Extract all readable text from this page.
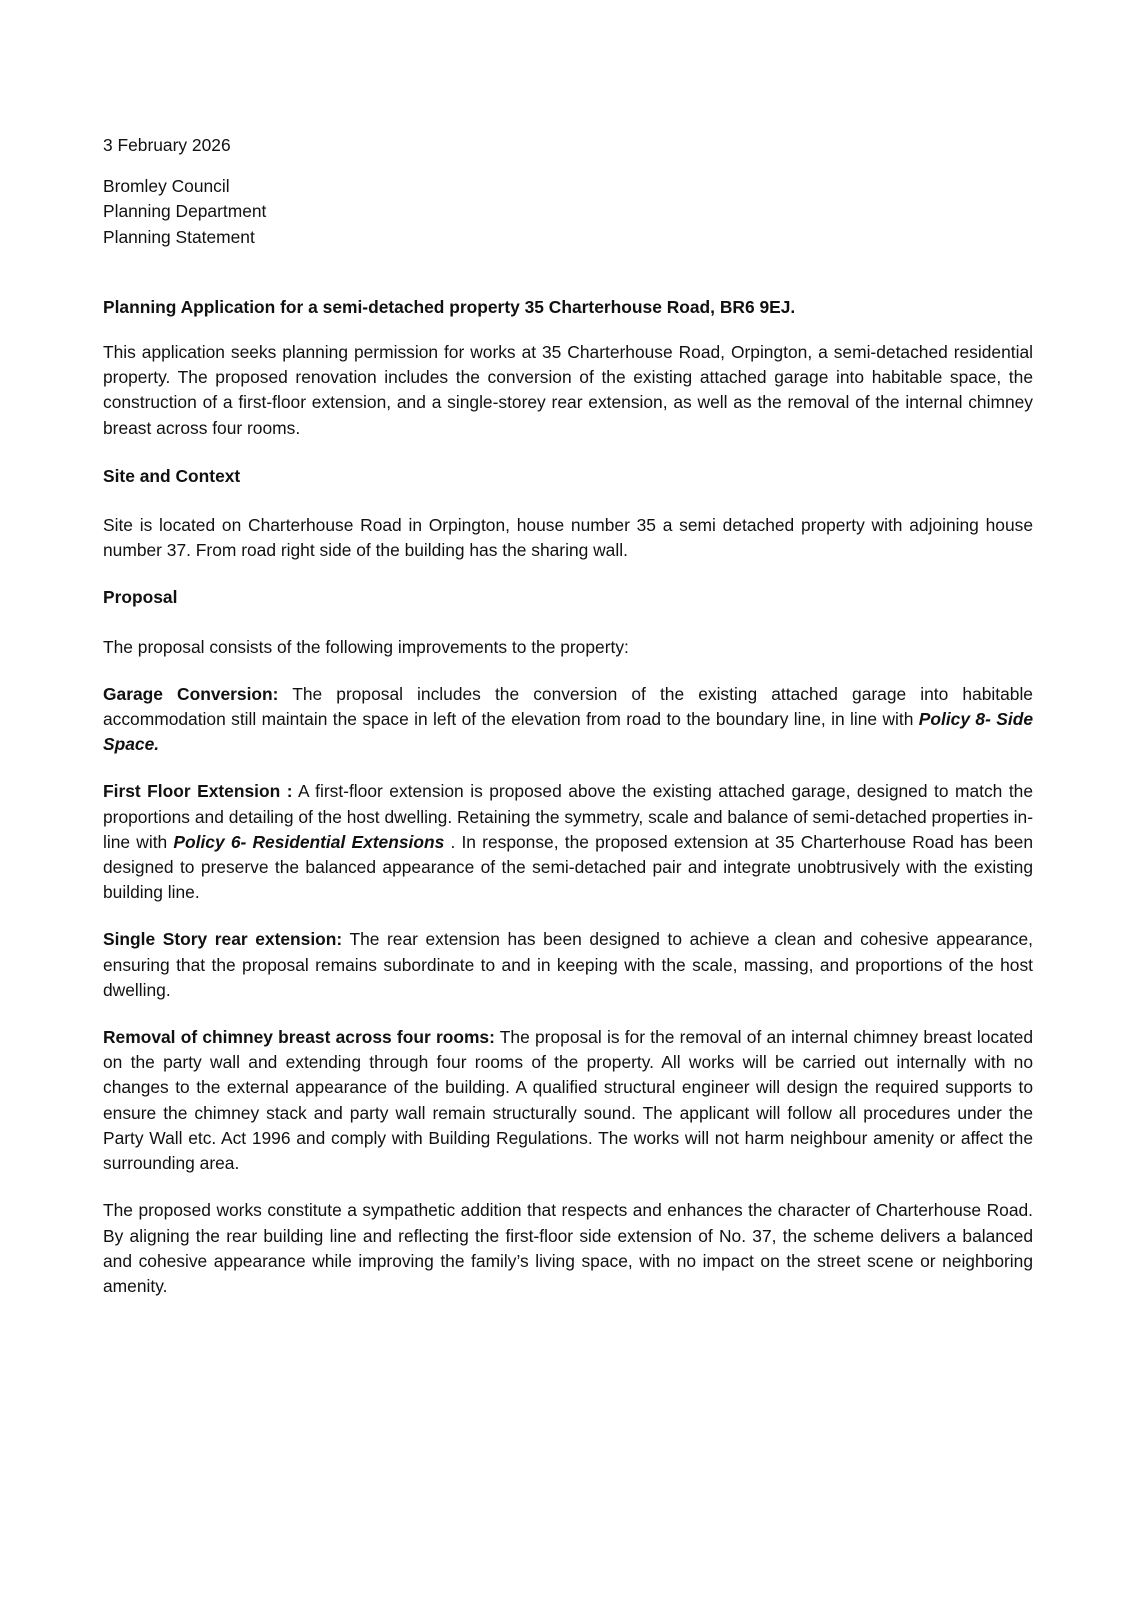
3 February 2026

Bromley Council

Planning Department

Planning Statement

Planning Application for a semi-detached property 35 Charterhouse Road, BR6 9EJ.

This application seeks planning permission for works at 35 Charterhouse Road, Orpington, a semi-detached residential property. The proposed renovation includes the conversion of the existing attached garage into habitable space, the construction of a first-floor extension, and a single-storey rear extension, as well as the removal of the internal chimney breast across four rooms.

Site and Context

Site is located on Charterhouse Road in Orpington, house number 35 a semi detached property with adjoining house number 37. From road right side of the building has the sharing wall.

Proposal

The proposal consists of the following improvements to the property:

Garage Conversion: The proposal includes the conversion of the existing attached garage into habitable accommodation still maintain the space in left of the elevation from road to the boundary line, in line with Policy 8- Side Space.

First Floor Extension : A first-floor extension is proposed above the existing attached garage, designed to match the proportions and detailing of the host dwelling. Retaining the symmetry, scale and balance of semi-detached properties in- line with Policy 6- Residential Extensions . In response, the proposed extension at 35 Charterhouse Road has been designed to preserve the balanced appearance of the semi-detached pair and integrate unobtrusively with the existing building line.

Single Story rear extension: The rear extension has been designed to achieve a clean and cohesive appearance, ensuring that the proposal remains subordinate to and in keeping with the scale, massing, and proportions of the host dwelling.

Removal of chimney breast across four rooms: The proposal is for the removal of an internal chimney breast located on the party wall and extending through four rooms of the property. All works will be carried out internally with no changes to the external appearance of the building. A qualified structural engineer will design the required supports to ensure the chimney stack and party wall remain structurally sound. The applicant will follow all procedures under the Party Wall etc. Act 1996 and comply with Building Regulations. The works will not harm neighbour amenity or affect the surrounding area.

The proposed works constitute a sympathetic addition that respects and enhances the character of Charterhouse Road. By aligning the rear building line and reflecting the first-floor side extension of No. 37, the scheme delivers a balanced and cohesive appearance while improving the family’s living space, with no impact on the street scene or neighboring amenity.
